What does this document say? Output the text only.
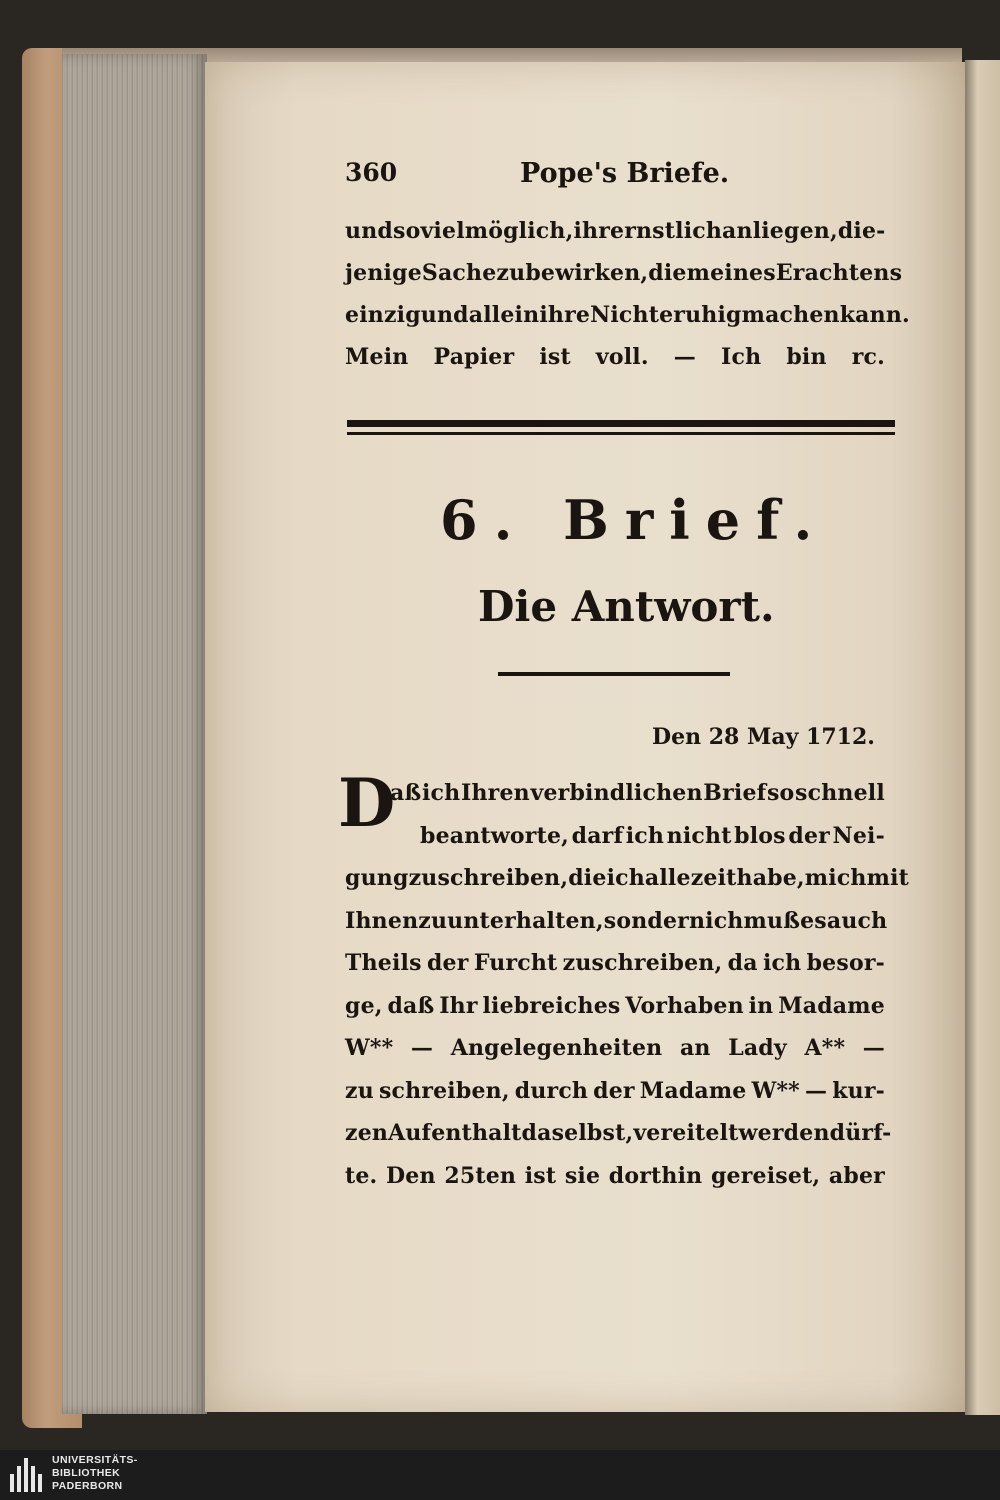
360	Pope's Briefe.
und so viel möglich, ihr ernstlich anliegen, die-
jenige Sache zu bewirken, die meines Erachtens
einzig und allein ihre Nichte ruhig machen kann.
Mein Papier ist voll. — Ich bin rc.
6. Brief.
Die Antwort.
Den 28 May 1712.
D
aß ich Ihren verbindlichen Brief so schnell
beantworte, darf ich nicht blos der Nei-
gung zuschreiben, die ich allezeit habe, mich mit
Ihnen zu unterhalten, sondern ich muß es auch
Theils der Furcht zuschreiben, da ich besor-
ge, daß Ihr liebreiches Vorhaben in Madame
W** — Angelegenheiten an Lady A** —
zu schreiben, durch der Madame W** — kur-
zen Aufenthalt daselbst, vereitelt werden dürf-
te. Den 25ten ist sie dorthin gereiset, aber
UNIVERSITÄTS-
BIBLIOTHEK
PADERBORN
